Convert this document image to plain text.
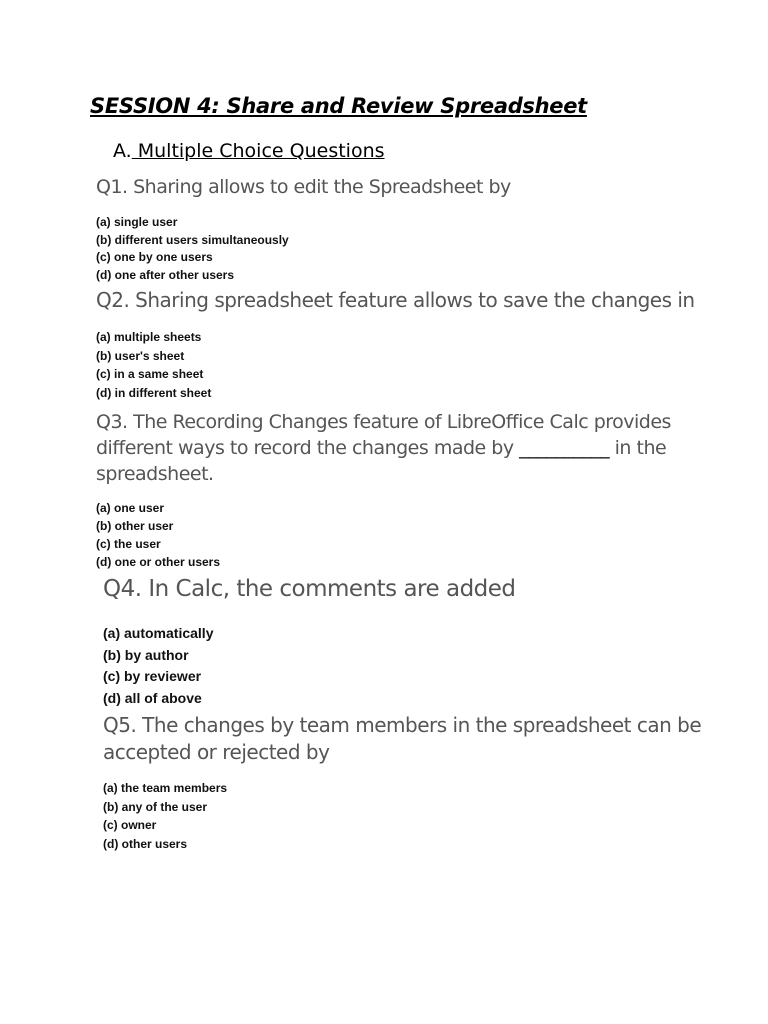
SESSION 4: Share and Review Spreadsheet
A. Multiple Choice Questions
Q1. Sharing allows to edit the Spreadsheet by
(a) single user
(b) different users simultaneously
(c) one by one users
(d) one after other users
Q2. Sharing spreadsheet feature allows to save the changes in
(a) multiple sheets
(b) user's sheet
(c) in a same sheet
(d) in different sheet
Q3. The Recording Changes feature of LibreOffice Calc provides
different ways to record the changes made by __________ in the
spreadsheet.
(a) one user
(b) other user
(c) the user
(d) one or other users
Q4. In Calc, the comments are added
(a) automatically
(b) by author
(c) by reviewer
(d) all of above
Q5. The changes by team members in the spreadsheet can be
accepted or rejected by
(a) the team members
(b) any of the user
(c) owner
(d) other users
